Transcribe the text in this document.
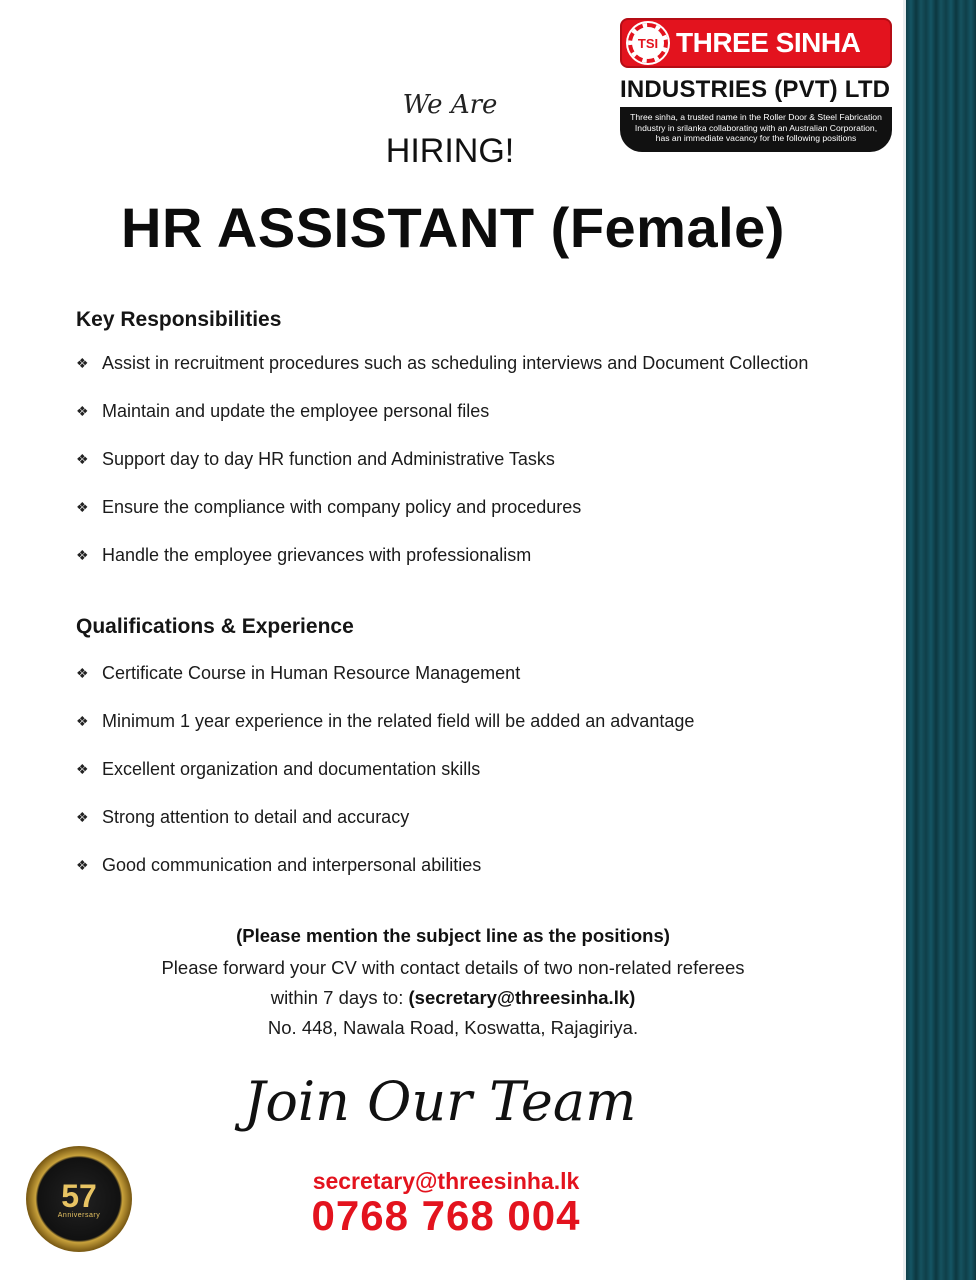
TSI THREE SINHA
INDUSTRIES (PVT) LTD
Three sinha, a trusted name in the Roller Door & Steel Fabrication Industry in srilanka collaborating with an Australian Corporation, has an immediate vacancy for the following positions
We Are
HIRING!
HR ASSISTANT (Female)
Key Responsibilities
❖ Assist in recruitment procedures such as scheduling interviews and Document Collection
❖ Maintain and update the employee personal files
❖ Support day to day HR function and Administrative Tasks
❖ Ensure the compliance with company policy and procedures
❖ Handle the employee grievances with professionalism
Qualifications & Experience
❖ Certificate Course in Human Resource Management
❖ Minimum 1 year experience in the related field will be added an advantage
❖ Excellent organization and documentation skills
❖ Strong attention to detail and accuracy
❖ Good communication and interpersonal abilities
(Please mention the subject line as the positions)
Please forward your CV with contact details of two non-related referees
within 7 days to: (secretary@threesinha.lk)
No. 448, Nawala Road, Koswatta, Rajagiriya.
Join Our Team
secretary@threesinha.lk
0768 768 004
57
Anniversary
